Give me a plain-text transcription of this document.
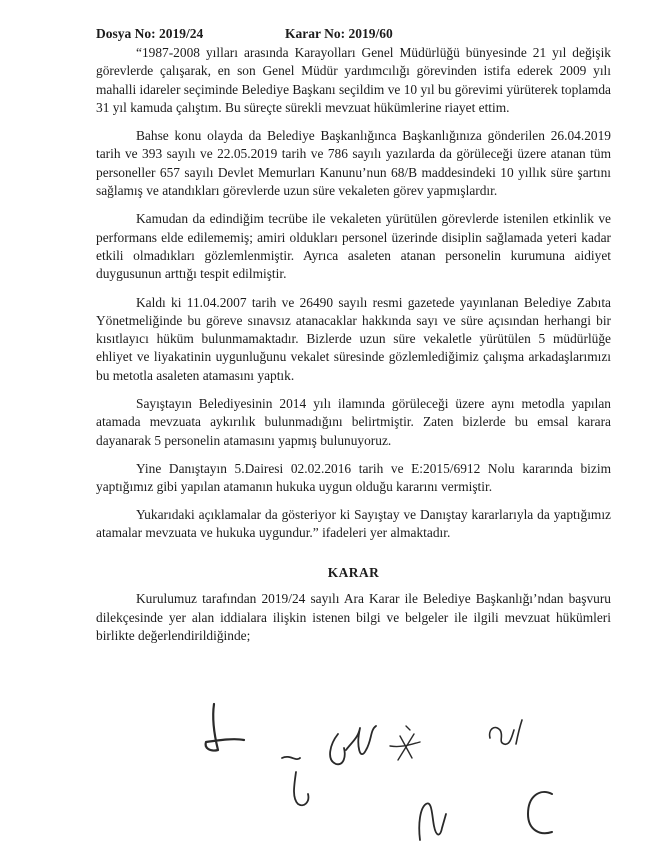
Dosya No: 2019/24	Karar No: 2019/60

“1987-2008 yılları arasında Karayolları Genel Müdürlüğü bünyesinde 21 yıl değişik görevlerde çalışarak, en son Genel Müdür yardımcılığı görevinden istifa ederek 2009 yılı mahalli idareler seçiminde Belediye Başkanı seçildim ve 10 yıl bu görevimi yürüterek toplamda 31 yıl kamuda çalıştım. Bu süreçte sürekli mevzuat hükümlerine riayet ettim.

Bahse konu olayda da Belediye Başkanlığınca Başkanlığınıza gönderilen 26.04.2019 tarih ve 393 sayılı ve 22.05.2019 tarih ve 786 sayılı yazılarda da görüleceği üzere atanan tüm personeller 657 sayılı Devlet Memurları Kanunu’nun 68/B maddesindeki 10 yıllık süre şartını sağlamış ve atandıkları görevlerde uzun süre vekaleten görev yapmışlardır.

Kamudan da edindiğim tecrübe ile vekaleten yürütülen görevlerde istenilen etkinlik ve performans elde edilememiş; amiri oldukları personel üzerinde disiplin sağlamada yeteri kadar etkili olmadıkları gözlemlenmiştir. Ayrıca asaleten atanan personelin kurumuna aidiyet duygusunun arttığı tespit edilmiştir.

Kaldı ki 11.04.2007 tarih ve 26490 sayılı resmi gazetede yayınlanan Belediye Zabıta Yönetmeliğinde bu göreve sınavsız atanacaklar hakkında sayı ve süre açısından herhangi bir kısıtlayıcı hüküm bulunmamaktadır. Bizlerde uzun süre vekaletle yürütülen 5 müdürlüğe ehliyet ve liyakatinin uygunluğunu vekalet süresinde gözlemlediğimiz çalışma arkadaşlarımızı bu metotla asaleten atamasını yaptık.

Sayıştayın Belediyesinin 2014 yılı ilamında görüleceği üzere aynı metodla yapılan atamada mevzuata aykırılık bulunmadığını belirtmiştir. Zaten bizlerde bu emsal karara dayanarak 5 personelin atamasını yapmış bulunuyoruz.

Yine Danıştayın 5.Dairesi 02.02.2016 tarih ve E:2015/6912 Nolu kararında bizim yaptığımız gibi yapılan atamanın hukuka uygun olduğu kararını vermiştir.

Yukarıdaki açıklamalar da gösteriyor ki Sayıştay ve Danıştay kararlarıyla da yaptığımız atamalar mevzuata ve hukuka uygundur.” ifadeleri yer almaktadır.

KARAR

Kurulumuz tarafından 2019/24 sayılı Ara Karar ile Belediye Başkanlığı’ndan başvuru dilekçesinde yer alan iddialara ilişkin istenen bilgi ve belgeler ile ilgili mevzuat hükümleri birlikte değerlendirildiğinde;
